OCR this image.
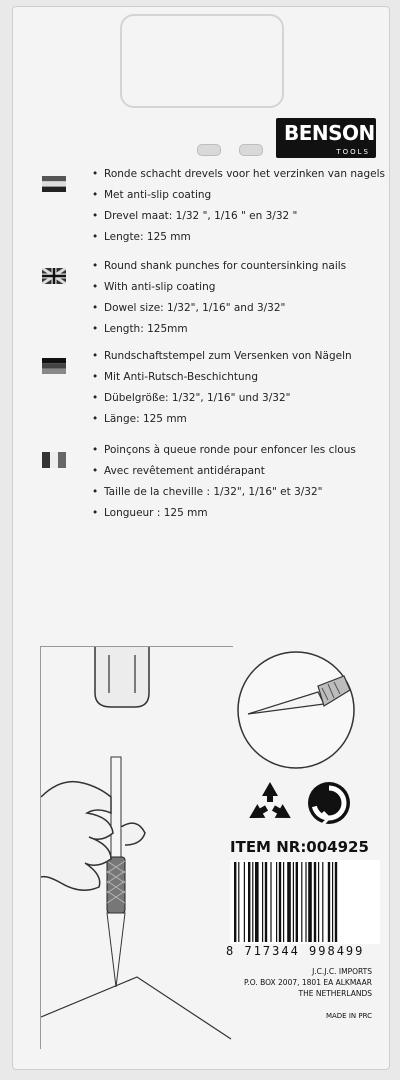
BENSON
TOOLS
• Ronde schacht drevels voor het verzinken van nagels
• Met anti-slip coating
• Drevel maat: 1/32 ", 1/16 " en 3/32 "
• Lengte: 125 mm
• Round shank punches for countersinking nails
• With anti-slip coating
• Dowel size: 1/32", 1/16" and 3/32"
• Length: 125mm
• Rundschaftstempel zum Versenken von Nägeln
• Mit Anti-Rutsch-Beschichtung
• Dübelgröße: 1/32", 1/16" und 3/32"
• Länge: 125 mm
• Poinçons à queue ronde pour enfoncer les clous
• Avec revêtement antidérapant
• Taille de la cheville : 1/32", 1/16" et 3/32"
• Longueur : 125 mm
ITEM NR:004925
8 717344 998499
J.C.J.C. IMPORTS
P.O. BOX 2007, 1801 EA ALKMAAR
THE NETHERLANDS
MADE IN PRC
